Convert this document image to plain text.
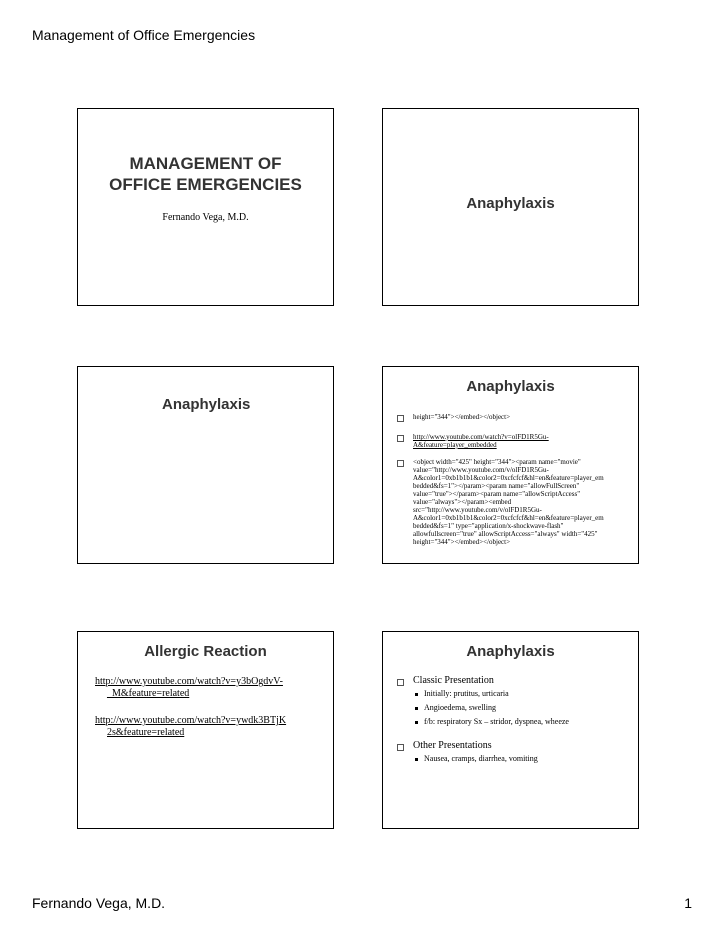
Management of Office Emergencies
MANAGEMENT OF
OFFICE EMERGENCIES
Fernando Vega, M.D.
Anaphylaxis
Anaphylaxis
Anaphylaxis
height="344"></embed></object>
http://www.youtube.com/watch?v=olFD1R5Gu-
A&feature=player_embedded
<object width="425" height="344"><param name="movie"
value="http://www.youtube.com/v/olFD1R5Gu-
A&color1=0xb1b1b1&color2=0xcfcfcf&hl=en&feature=player_em
bedded&fs=1"></param><param name="allowFullScreen"
value="true"></param><param name="allowScriptAccess"
value="always"></param><embed
src="http://www.youtube.com/v/olFD1R5Gu-
A&color1=0xb1b1b1&color2=0xcfcfcf&hl=en&feature=player_em
bedded&fs=1" type="application/x-shockwave-flash"
allowfullscreen="true" allowScriptAccess="always" width="425"
height="344"></embed></object>
Allergic Reaction
http://www.youtube.com/watch?v=y3bOgdvV-
_M&feature=related
http://www.youtube.com/watch?v=ywdk3BTjK
2s&feature=related
Anaphylaxis
Classic Presentation
Initially: prutitus, urticaria
Angioedema, swelling
f/b: respiratory Sx – stridor, dyspnea, wheeze
Other Presentations
Nausea, cramps, diarrhea, vomiting
Fernando Vega, M.D.	1
